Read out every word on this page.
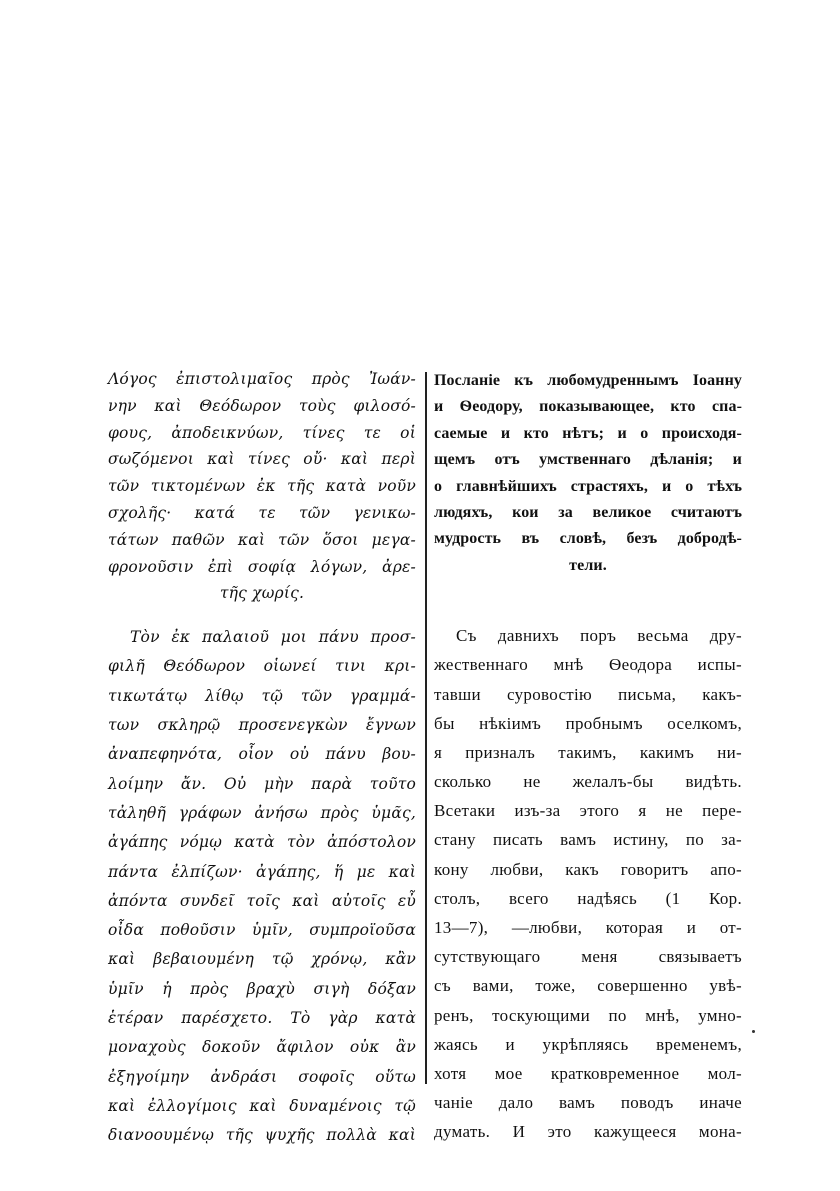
Λόγος ἐπιστολιμαῖος πρὸς Ἰωάν-
νην καὶ Θεόδωρον τοὺς φιλοσό-
φους, ἀποδεικνύων, τίνες τε οἱ
σωζόμενοι καὶ τίνες οὔ· καὶ περὶ
τῶν τικτομένων ἐκ τῆς κατὰ νοῦν
σχολῆς· κατά τε τῶν γενικω-
τάτων παθῶν καὶ τῶν ὅσοι μεγα-
φρονοῦσιν ἐπὶ σοφίᾳ λόγων, ἀρε-
τῆς χωρίς.
Τὸν ἐκ παλαιοῦ μοι πάνυ προσ-
φιλῆ Θεόδωρον οἱωνεί τινι κρι-
τικωτάτῳ λίθῳ τῷ τῶν γραμμά-
των σκληρῷ προσενεγκὼν ἔγνων
ἀναπεφηνότα, οἷον οὐ πάνυ βου-
λοίμην ἄν. Οὐ μὴν παρὰ τοῦτο
τἀληθῆ γράφων ἀνήσω πρὸς ὑμᾶς,
ἀγάπης νόμῳ κατὰ τὸν ἀπόστολον
πάντα ἐλπίζων· ἀγάπης, ἥ με καὶ
ἀπόντα συνδεῖ τοῖς καὶ αὐτοῖς εὖ
οἶδα ποθοῦσιν ὑμῖν, συμπροϊοῦσα
καὶ βεβαιουμένη τῷ χρόνῳ, κἂν
ὑμῖν ἡ πρὸς βραχὺ σιγὴ δόξαν
ἑτέραν παρέσχετο. Τὸ γὰρ κατὰ
μοναχοὺς δοκοῦν ἄφιλον οὐκ ἂν
ἐξηγοίμην ἀνδράσι σοφοῖς οὕτω
καὶ ἐλλογίμοις καὶ δυναμένοις τῷ
διανοουμένῳ τῆς ψυχῆς πολλὰ καὶ
Посланіе къ любомудреннымъ Іоанну
и Ѳеодору, показывающее, кто спа-
саемые и кто нѣтъ; и о происходя-
щемъ отъ умственнаго дѣланія; и
о главнѣйшихъ страстяхъ, и о тѣхъ
людяхъ, кои за великое считаютъ
мудрость въ словѣ, безъ добродѣ-
тели.
Съ давнихъ поръ весьма дру-
жественнаго мнѣ Ѳеодора испы-
тавши суровостію письма, какъ-
бы нѣкіимъ пробнымъ оселкомъ,
я призналъ такимъ, какимъ ни-
сколько не желалъ-бы видѣть.
Всетаки изъ-за этого я не пере-
стану писать вамъ истину, по за-
кону любви, какъ говоритъ апо-
столъ, всего надѣясь (1 Кор.
13—7), —любви, которая и от-
сутствующаго меня связываетъ
съ вами, тоже, совершенно увѣ-
ренъ, тоскующими по мнѣ, умно-
жаясь и укрѣпляясь временемъ,
хотя мое кратковременное мол-
чаніе дало вамъ поводъ иначе
думать. И это кажущееся мона-
